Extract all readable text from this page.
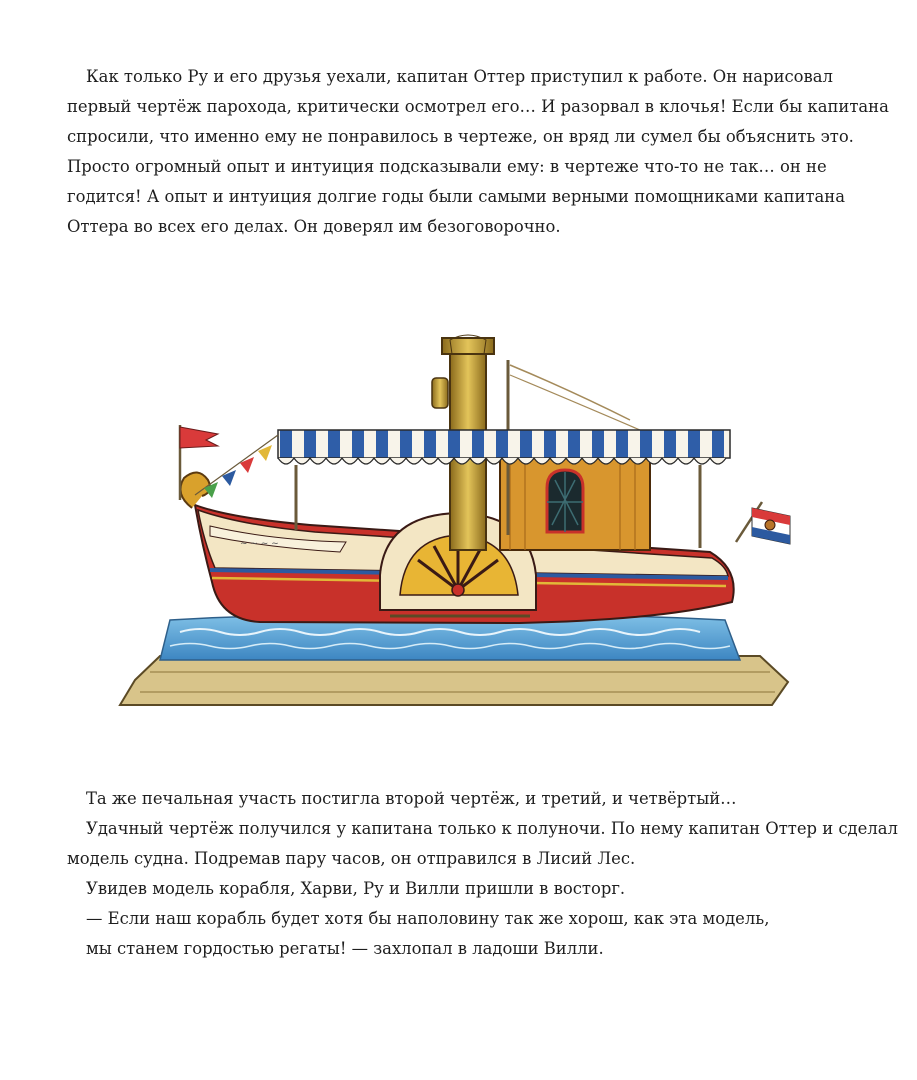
Как только Ру и его друзья уехали, капитан Оттер приступил к работе. Он нарисовал

первый чертёж парохода, критически осмотрел его… И разорвал в клочья! Если бы капитана

спросили, что именно ему не понравилось в чертеже, он вряд ли сумел бы объяснить это.

Просто огромный опыт и интуиция подсказывали ему: в чертеже что-то не так… он не

годится! А опыт и интуиция долгие годы были самыми верными помощниками капитана

Оттера во всех его делах. Он доверял им безоговорочно.

~ ~ ~ ~

Та же печальная участь постигла второй чертёж, и третий, и четвёртый…

Удачный чертёж получился у капитана только к полуночи. По нему капитан Оттер и сделал

модель судна. Подремав пару часов, он отправился в Лисий Лес.

Увидев модель корабля, Харви, Ру и Вилли пришли в восторг.

— Если наш корабль будет хотя бы наполовину так же хорош, как эта модель,

мы станем гордостью регаты! — захлопал в ладоши Вилли.
